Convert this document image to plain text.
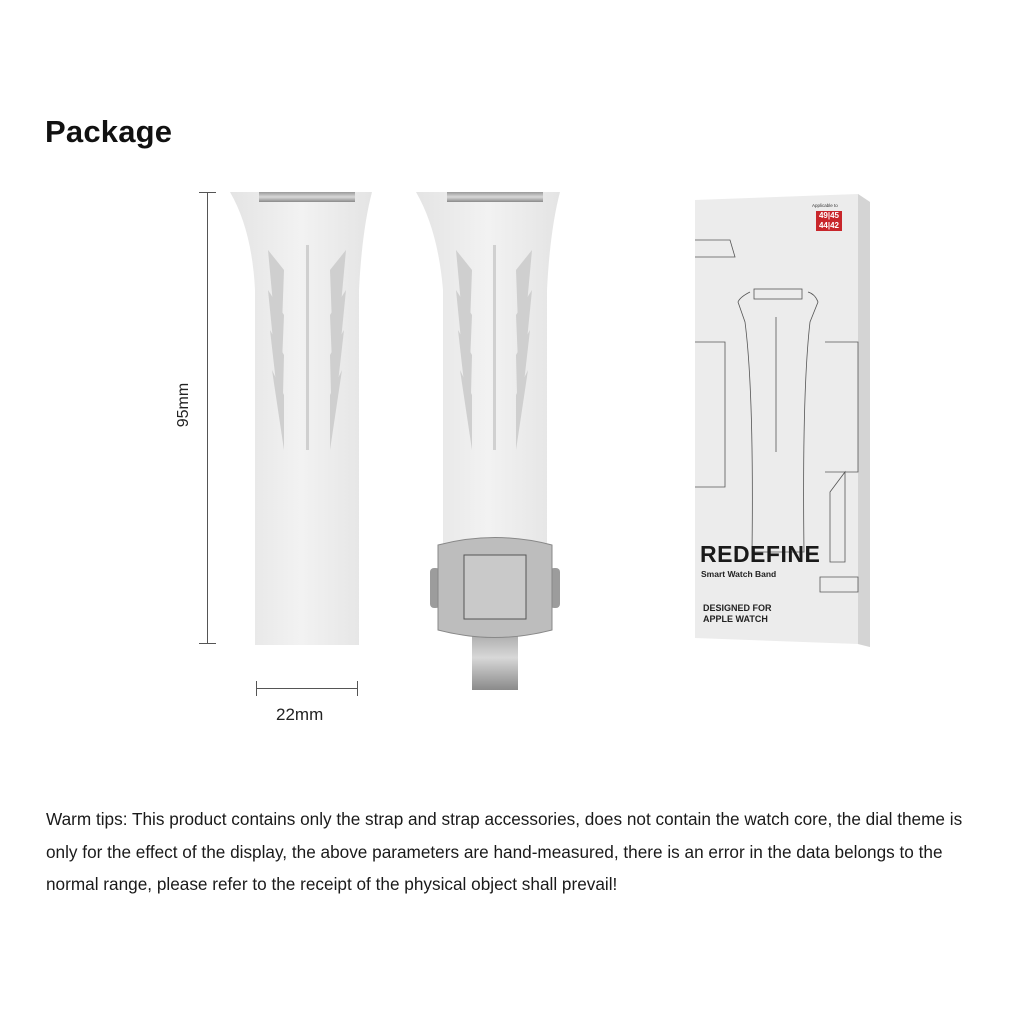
Package
95mm
22mm
Applicable to
49|45
44|42
REDEFINE
Smart Watch Band
DESIGNED FOR
APPLE WATCH
Warm tips: This product contains only the strap and strap accessories, does not contain the watch core, the dial theme is only for the effect of the display, the above parameters are hand-measured, there is an error in the data belongs to the normal range, please refer to the receipt of the physical object shall prevail!
